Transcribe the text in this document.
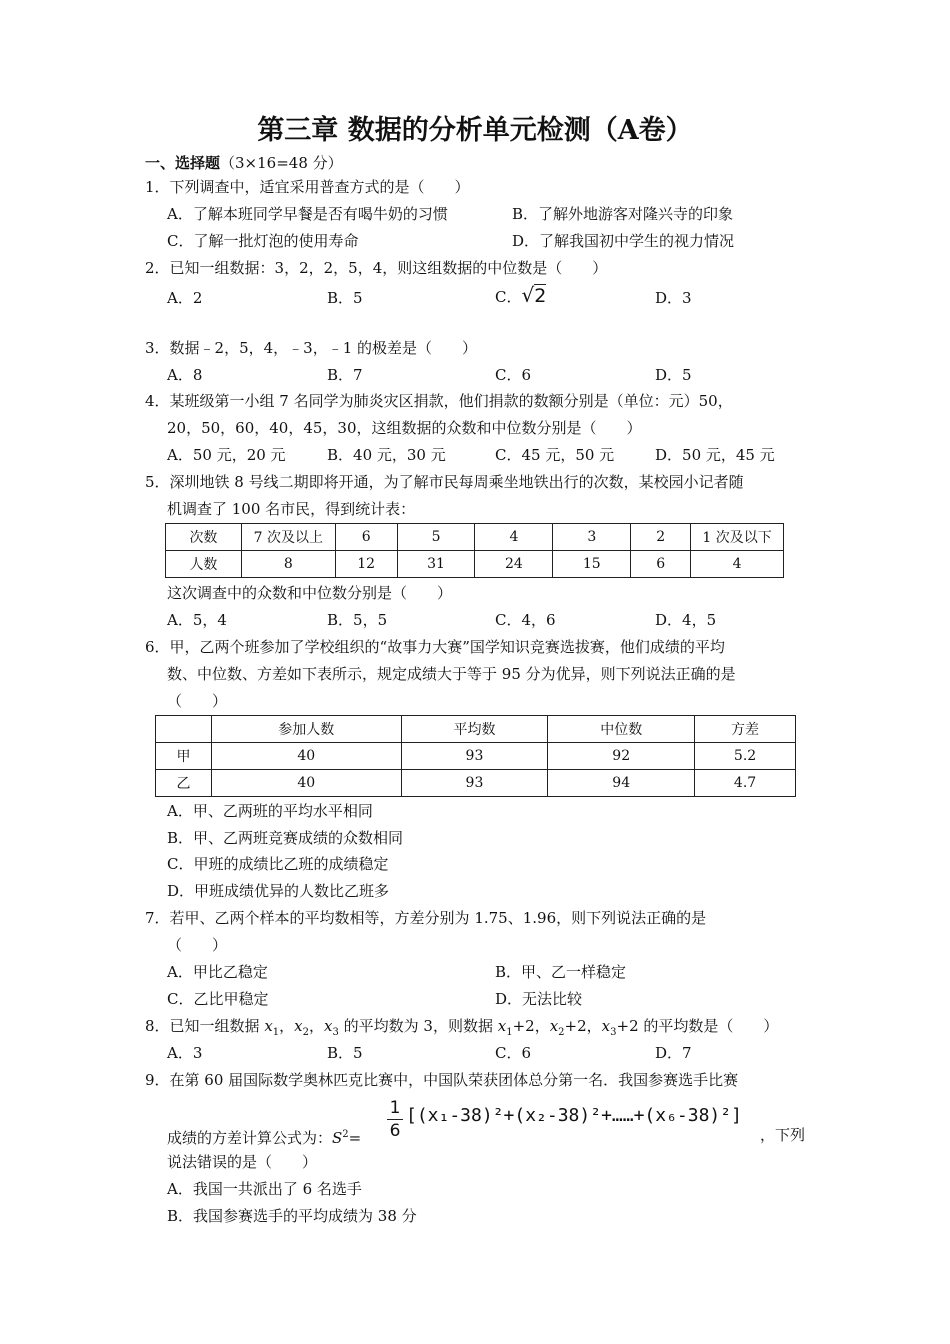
第三章 数据的分析单元检测（A卷）
一、选择题（3×16=48 分）
1．下列调查中，适宜采用普查方式的是（　　）
A．了解本班同学早餐是否有喝牛奶的习惯	B．了解外地游客对隆兴寺的印象
C．了解一批灯泡的使用寿命	D．了解我国初中学生的视力情况
2．已知一组数据：3，2，2，5，4，则这组数据的中位数是（　　）
A．2	B．5	C．√2	D．3
3．数据﹣2，5，4，﹣3，﹣1 的极差是（　　）
A．8	B．7	C．6	D．5
4．某班级第一小组 7 名同学为肺炎灾区捐款，他们捐款的数额分别是（单位：元）50，
20，50，60，40，45，30，这组数据的众数和中位数分别是（　　）
A．50 元，20 元	B．40 元，30 元	C．45 元，50 元	D．50 元，45 元
5．深圳地铁 8 号线二期即将开通，为了解市民每周乘坐地铁出行的次数，某校园小记者随
机调查了 100 名市民，得到统计表：
次数	7 次及以上	6	5	4	3	2	1 次及以下
人数	8	12	31	24	15	6	4
这次调查中的众数和中位数分别是（　　）
A．5，4	B．5，5	C．4，6	D．4，5
6．甲，乙两个班参加了学校组织的“故事力大赛”国学知识竞赛选拔赛，他们成绩的平均
数、中位数、方差如下表所示，规定成绩大于等于 95 分为优异，则下列说法正确的是
（　　）
	参加人数	平均数	中位数	方差
甲	40	93	92	5.2
乙	40	93	94	4.7
A．甲、乙两班的平均水平相同
B．甲、乙两班竞赛成绩的众数相同
C．甲班的成绩比乙班的成绩稳定
D．甲班成绩优异的人数比乙班多
7．若甲、乙两个样本的平均数相等，方差分别为 1.75、1.96，则下列说法正确的是
（　　）
A．甲比乙稳定	B．甲、乙一样稳定
C．乙比甲稳定	D．无法比较
8．已知一组数据 $x_1$，$x_2$，$x_3$ 的平均数为 3，则数据 $x_1+2$，$x_2+2$，$x_3+2$ 的平均数是（　　）
A．3	B．5	C．6	D．7
9．在第 60 届国际数学奥林匹克比赛中，中国队荣获团体总分第一名．我国参赛选手比赛
成绩的方差计算公式为：$S^2=$
1
6
[(x₁-38)²+(x₂-38)²+……+(x₆-38)²]
，下列
说法错误的是（　　）
A．我国一共派出了 6 名选手
B．我国参赛选手的平均成绩为 38 分
